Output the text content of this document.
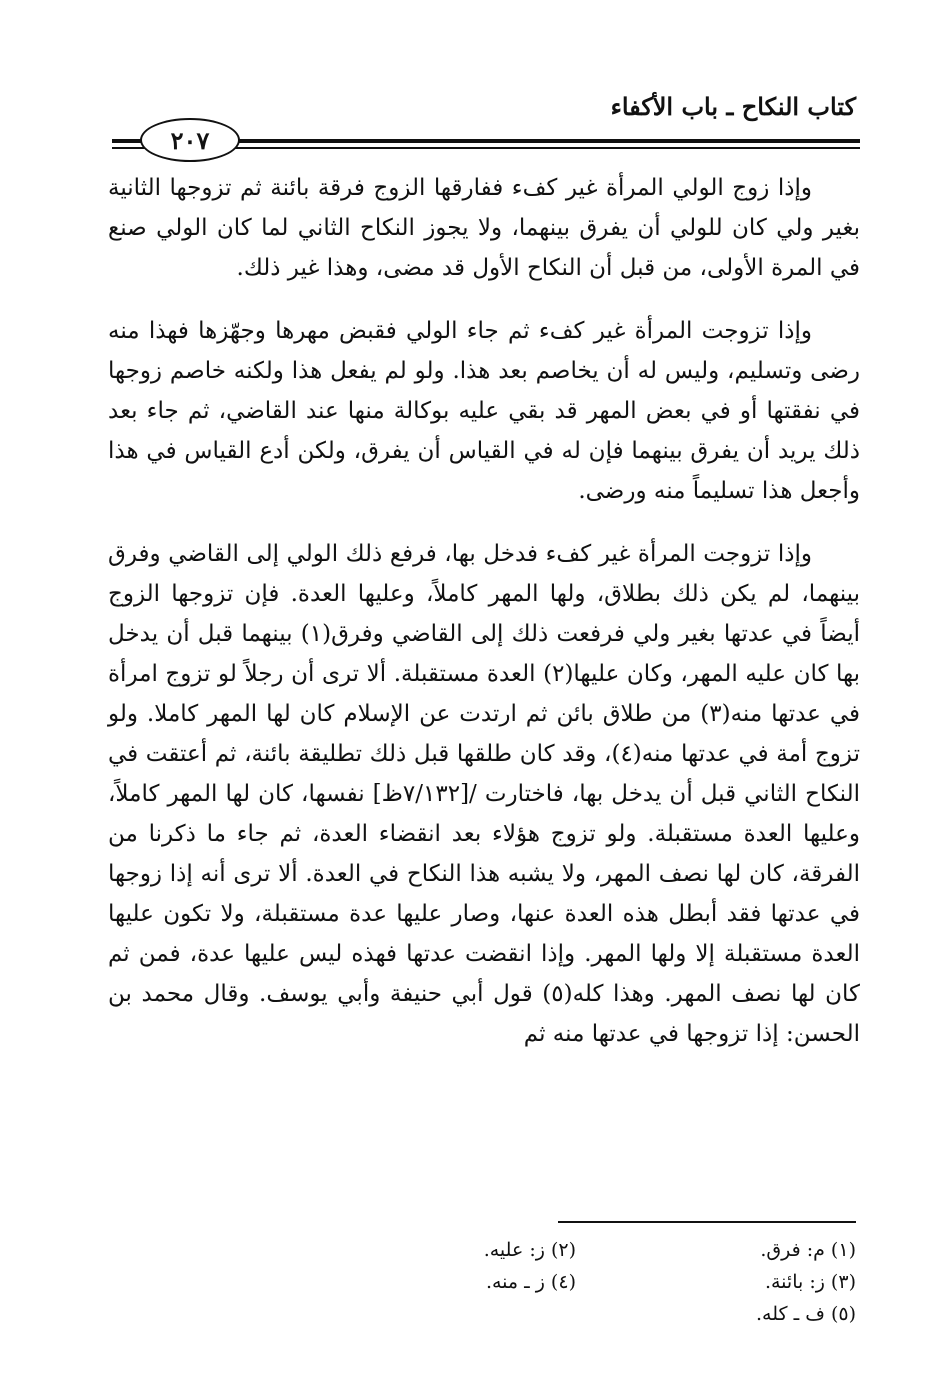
كتاب النكاح ـ باب الأكفاء
٢٠٧

وإذا زوج الولي المرأة غير كفء ففارقها الزوج فرقة بائنة ثم تزوجها الثانية بغير ولي كان للولي أن يفرق بينهما، ولا يجوز النكاح الثاني لما كان الولي صنع في المرة الأولى، من قبل أن النكاح الأول قد مضى، وهذا غير ذلك.

وإذا تزوجت المرأة غير كفء ثم جاء الولي فقبض مهرها وجهّزها فهذا منه رضى وتسليم، وليس له أن يخاصم بعد هذا. ولو لم يفعل هذا ولكنه خاصم زوجها في نفقتها أو في بعض المهر قد بقي عليه بوكالة منها عند القاضي، ثم جاء بعد ذلك يريد أن يفرق بينهما فإن له في القياس أن يفرق، ولكن أدع القياس في هذا وأجعل هذا تسليماً منه ورضى.

وإذا تزوجت المرأة غير كفء فدخل بها، فرفع ذلك الولي إلى القاضي وفرق بينهما، لم يكن ذلك بطلاق، ولها المهر كاملاً، وعليها العدة. فإن تزوجها الزوج أيضاً في عدتها بغير ولي فرفعت ذلك إلى القاضي وفرق(١) بينهما قبل أن يدخل بها كان عليه المهر، وكان عليها(٢) العدة مستقبلة. ألا ترى أن رجلاً لو تزوج امرأة في عدتها منه(٣) من طلاق بائن ثم ارتدت عن الإسلام كان لها المهر كاملا. ولو تزوج أمة في عدتها منه(٤)، وقد كان طلقها قبل ذلك تطليقة بائنة، ثم أعتقت في النكاح الثاني قبل أن يدخل بها، فاختارت /[٧/١٣٢ظ] نفسها، كان لها المهر كاملاً، وعليها العدة مستقبلة. ولو تزوج هؤلاء بعد انقضاء العدة، ثم جاء ما ذكرنا من الفرقة، كان لها نصف المهر، ولا يشبه هذا النكاح في العدة. ألا ترى أنه إذا زوجها في عدتها فقد أبطل هذه العدة عنها، وصار عليها عدة مستقبلة، ولا تكون عليها العدة مستقبلة إلا ولها المهر. وإذا انقضت عدتها فهذه ليس عليها عدة، فمن ثم كان لها نصف المهر. وهذا كله(٥) قول أبي حنيفة وأبي يوسف. وقال محمد بن الحسن: إذا تزوجها في عدتها منه ثم

(١) م: فرق.
(٢) ز: عليه.
(٣) ز: بائنة.
(٤) ز ـ منه.
(٥) ف ـ كله.
